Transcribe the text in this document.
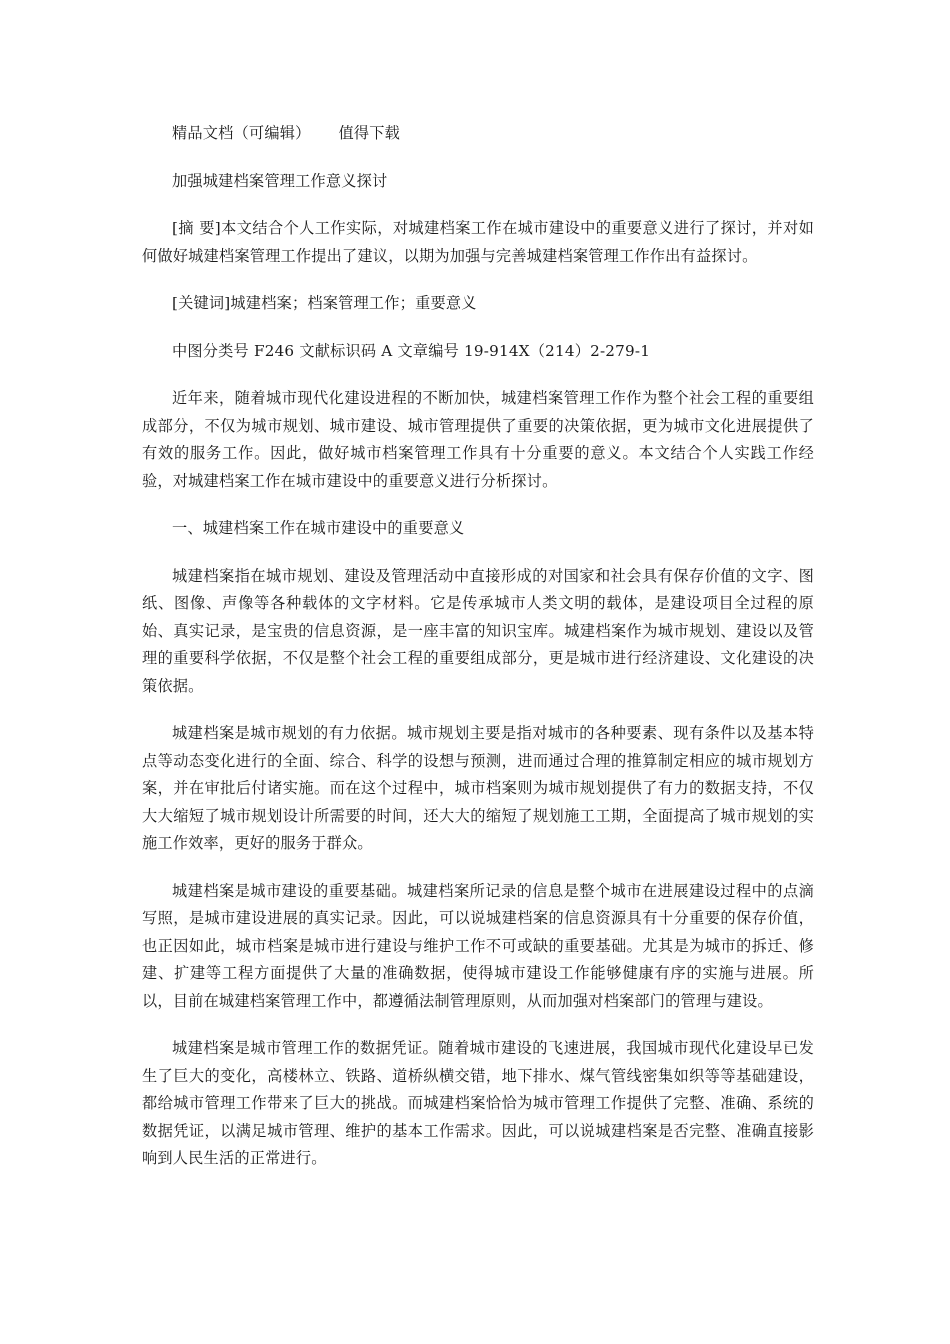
精品文档（可编辑） 值得下载

加强城建档案管理工作意义探讨

[摘 要]本文结合个人工作实际，对城建档案工作在城市建设中的重要意义进行了探讨，并对如何做好城建档案管理工作提出了建议，以期为加强与完善城建档案管理工作作出有益探讨。

[关键词]城建档案；档案管理工作；重要意义

中图分类号 F246 文献标识码 A 文章编号 19-914X（214）2-279-1

近年来，随着城市现代化建设进程的不断加快，城建档案管理工作作为整个社会工程的重要组成部分，不仅为城市规划、城市建设、城市管理提供了重要的决策依据，更为城市文化进展提供了有效的服务工作。因此，做好城市档案管理工作具有十分重要的意义。本文结合个人实践工作经验，对城建档案工作在城市建设中的重要意义进行分析探讨。

一、城建档案工作在城市建设中的重要意义

城建档案指在城市规划、建设及管理活动中直接形成的对国家和社会具有保存价值的文字、图纸、图像、声像等各种载体的文字材料。它是传承城市人类文明的载体，是建设项目全过程的原始、真实记录，是宝贵的信息资源，是一座丰富的知识宝库。城建档案作为城市规划、建设以及管理的重要科学依据，不仅是整个社会工程的重要组成部分，更是城市进行经济建设、文化建设的决策依据。

城建档案是城市规划的有力依据。城市规划主要是指对城市的各种要素、现有条件以及基本特点等动态变化进行的全面、综合、科学的设想与预测，进而通过合理的推算制定相应的城市规划方案，并在审批后付诸实施。而在这个过程中，城市档案则为城市规划提供了有力的数据支持，不仅大大缩短了城市规划设计所需要的时间，还大大的缩短了规划施工工期，全面提高了城市规划的实施工作效率，更好的服务于群众。

城建档案是城市建设的重要基础。城建档案所记录的信息是整个城市在进展建设过程中的点滴写照，是城市建设进展的真实记录。因此，可以说城建档案的信息资源具有十分重要的保存价值，也正因如此，城市档案是城市进行建设与维护工作不可或缺的重要基础。尤其是为城市的拆迁、修建、扩建等工程方面提供了大量的准确数据，使得城市建设工作能够健康有序的实施与进展。所以，目前在城建档案管理工作中，都遵循法制管理原则，从而加强对档案部门的管理与建设。

城建档案是城市管理工作的数据凭证。随着城市建设的飞速进展，我国城市现代化建设早已发生了巨大的变化，高楼林立、铁路、道桥纵横交错，地下排水、煤气管线密集如织等等基础建设，都给城市管理工作带来了巨大的挑战。而城建档案恰恰为城市管理工作提供了完整、准确、系统的数据凭证，以满足城市管理、维护的基本工作需求。因此，可以说城建档案是否完整、准确直接影响到人民生活的正常进行。
